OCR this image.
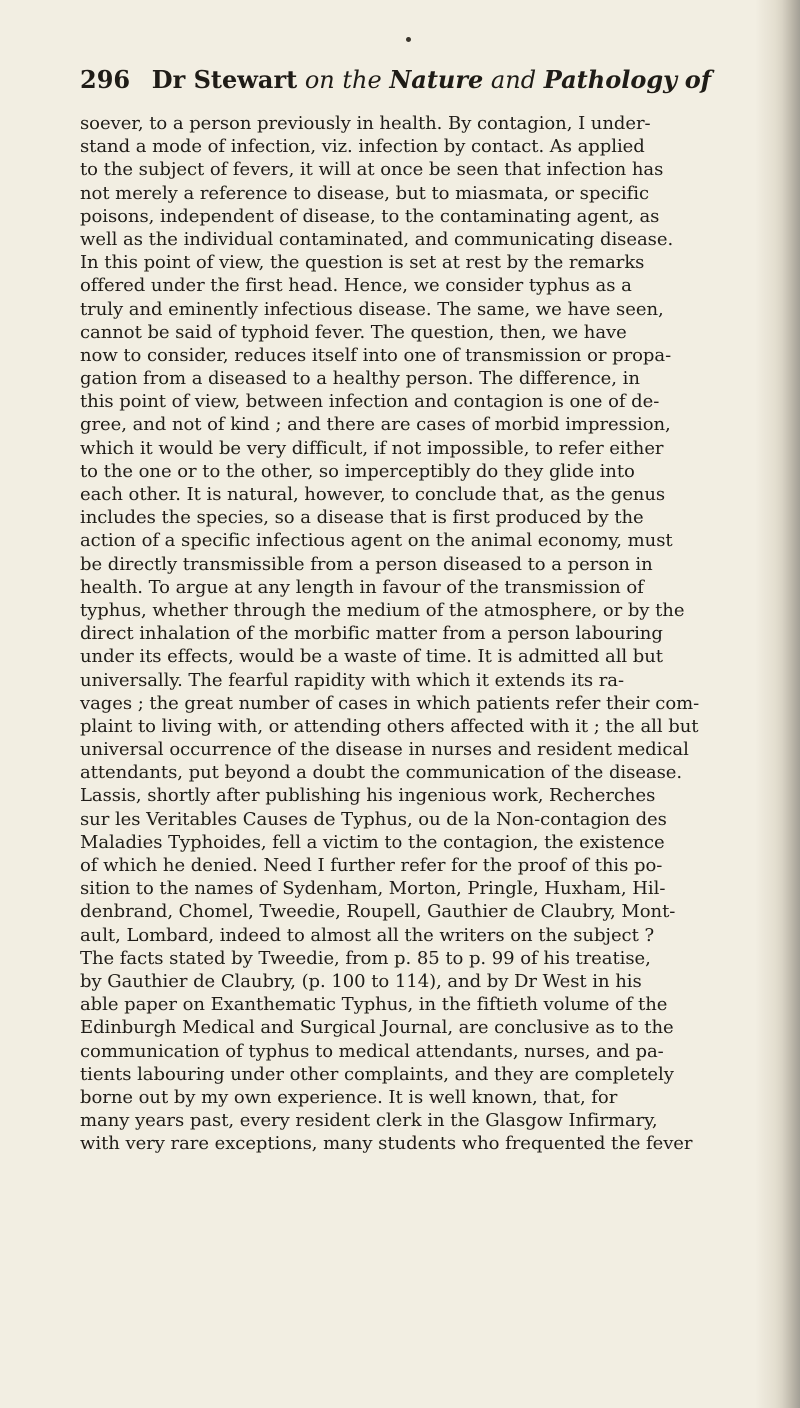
296 Dr Stewart on the Nature and Pathology of
soever, to a person previously in health. By contagion, I under-
stand a mode of infection, viz. infection by contact. As applied
to the subject of fevers, it will at once be seen that infection has
not merely a reference to disease, but to miasmata, or specific
poisons, independent of disease, to the contaminating agent, as
well as the individual contaminated, and communicating disease.
In this point of view, the question is set at rest by the remarks
offered under the first head. Hence, we consider typhus as a
truly and eminently infectious disease. The same, we have seen,
cannot be said of typhoid fever. The question, then, we have
now to consider, reduces itself into one of transmission or propa-
gation from a diseased to a healthy person. The difference, in
this point of view, between infection and contagion is one of de-
gree, and not of kind ; and there are cases of morbid impression,
which it would be very difficult, if not impossible, to refer either
to the one or to the other, so imperceptibly do they glide into
each other. It is natural, however, to conclude that, as the genus
includes the species, so a disease that is first produced by the
action of a specific infectious agent on the animal economy, must
be directly transmissible from a person diseased to a person in
health. To argue at any length in favour of the transmission of
typhus, whether through the medium of the atmosphere, or by the
direct inhalation of the morbific matter from a person labouring
under its effects, would be a waste of time. It is admitted all but
universally. The fearful rapidity with which it extends its ra-
vages ; the great number of cases in which patients refer their com-
plaint to living with, or attending others affected with it ; the all but
universal occurrence of the disease in nurses and resident medical
attendants, put beyond a doubt the communication of the disease.
Lassis, shortly after publishing his ingenious work, Recherches
sur les Veritables Causes de Typhus, ou de la Non-contagion des
Maladies Typhoides, fell a victim to the contagion, the existence
of which he denied. Need I further refer for the proof of this po-
sition to the names of Sydenham, Morton, Pringle, Huxham, Hil-
denbrand, Chomel, Tweedie, Roupell, Gauthier de Claubry, Mont-
ault, Lombard, indeed to almost all the writers on the subject ?
The facts stated by Tweedie, from p. 85 to p. 99 of his treatise,
by Gauthier de Claubry, (p. 100 to 114), and by Dr West in his
able paper on Exanthematic Typhus, in the fiftieth volume of the
Edinburgh Medical and Surgical Journal, are conclusive as to the
communication of typhus to medical attendants, nurses, and pa-
tients labouring under other complaints, and they are completely
borne out by my own experience. It is well known, that, for
many years past, every resident clerk in the Glasgow Infirmary,
with very rare exceptions, many students who frequented the fever
